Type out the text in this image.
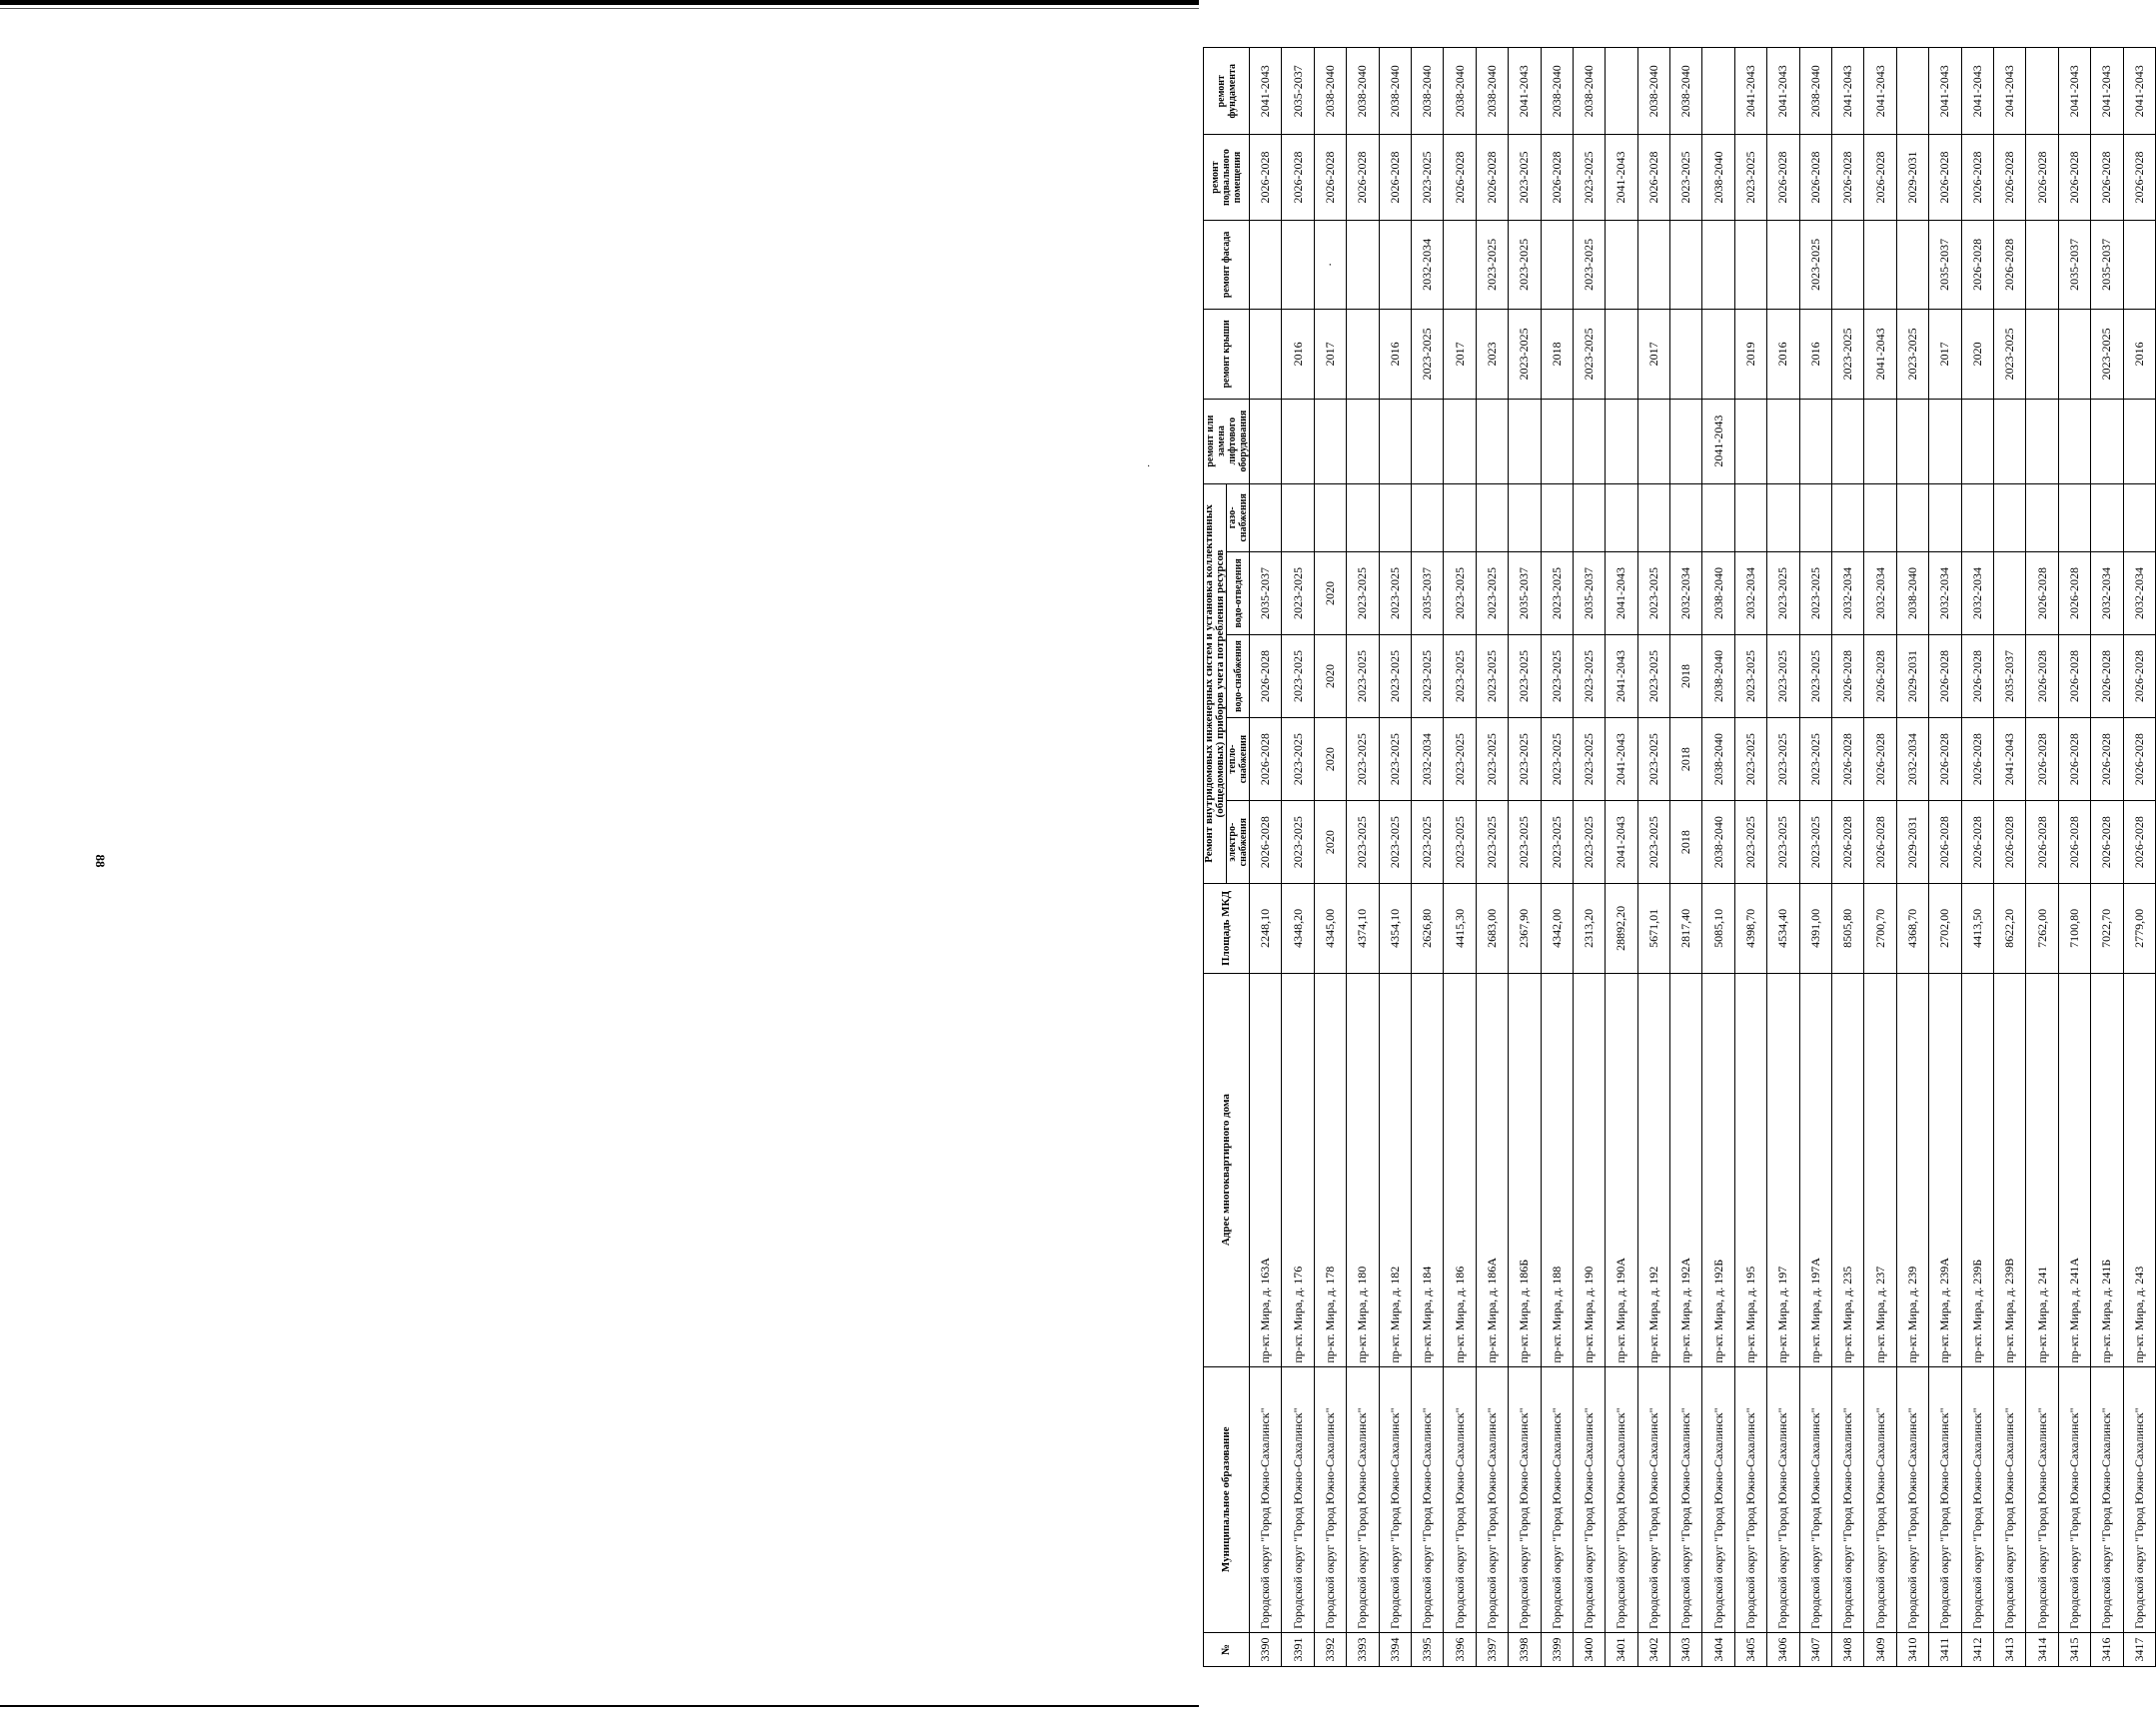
88
·
№	Муниципальное образование	Адрес многоквартирного дома	Площадь МКД	Ремонт внутридомовых инженерных систем и установка коллективных (общедомовых) приборов учета потребления ресурсов					ремонт или замена лифтового оборудования	ремонт крыши	ремонт фасада	ремонт подвального помещения	ремонт фундамента
				электро-снабжения	тепло-снабжения	водо-снабжения	водо-отведения	газо-снабжения					
3390	Городской округ "Город Южно-Сахалинск"	пр-кт. Мира, д. 163А	2248,10	2026-2028	2026-2028	2026-2028	2035-2037					2026-2028	2041-2043
3391	Городской округ "Город Южно-Сахалинск"	пр-кт. Мира, д. 176	4348,20	2023-2025	2023-2025	2023-2025	2023-2025			2016		2026-2028	2035-2037
3392	Городской округ "Город Южно-Сахалинск"	пр-кт. Мира, д. 178	4345,00	2020	2020	2020	2020			2017	·	2026-2028	2038-2040
3393	Городской округ "Город Южно-Сахалинск"	пр-кт. Мира, д. 180	4374,10	2023-2025	2023-2025	2023-2025	2023-2025					2026-2028	2038-2040
3394	Городской округ "Город Южно-Сахалинск"	пр-кт. Мира, д. 182	4354,10	2023-2025	2023-2025	2023-2025	2023-2025			2016		2026-2028	2038-2040
3395	Городской округ "Город Южно-Сахалинск"	пр-кт. Мира, д. 184	2626,80	2023-2025	2032-2034	2023-2025	2035-2037			2023-2025	2032-2034	2023-2025	2038-2040
3396	Городской округ "Город Южно-Сахалинск"	пр-кт. Мира, д. 186	4415,30	2023-2025	2023-2025	2023-2025	2023-2025			2017		2026-2028	2038-2040
3397	Городской округ "Город Южно-Сахалинск"	пр-кт. Мира, д. 186А	2683,00	2023-2025	2023-2025	2023-2025	2023-2025			2023	2023-2025	2026-2028	2038-2040
3398	Городской округ "Город Южно-Сахалинск"	пр-кт. Мира, д. 186Б	2367,90	2023-2025	2023-2025	2023-2025	2035-2037			2023-2025	2023-2025	2023-2025	2041-2043
3399	Городской округ "Город Южно-Сахалинск"	пр-кт. Мира, д. 188	4342,00	2023-2025	2023-2025	2023-2025	2023-2025			2018		2026-2028	2038-2040
3400	Городской округ "Город Южно-Сахалинск"	пр-кт. Мира, д. 190	2313,20	2023-2025	2023-2025	2023-2025	2035-2037			2023-2025	2023-2025	2023-2025	2038-2040
3401	Городской округ "Город Южно-Сахалинск"	пр-кт. Мира, д. 190А	28892,20	2041-2043	2041-2043	2041-2043	2041-2043					2041-2043	
3402	Городской округ "Город Южно-Сахалинск"	пр-кт. Мира, д. 192	5671,01	2023-2025	2023-2025	2023-2025	2023-2025			2017		2026-2028	2038-2040
3403	Городской округ "Город Южно-Сахалинск"	пр-кт. Мира, д. 192А	2817,40	2018	2018	2018	2032-2034					2023-2025	2038-2040
3404	Городской округ "Город Южно-Сахалинск"	пр-кт. Мира, д. 192Б	5085,10	2038-2040	2038-2040	2038-2040	2038-2040		2041-2043			2038-2040	
3405	Городской округ "Город Южно-Сахалинск"	пр-кт. Мира, д. 195	4398,70	2023-2025	2023-2025	2023-2025	2032-2034			2019		2023-2025	2041-2043
3406	Городской округ "Город Южно-Сахалинск"	пр-кт. Мира, д. 197	4534,40	2023-2025	2023-2025	2023-2025	2023-2025			2016		2026-2028	2041-2043
3407	Городской округ "Город Южно-Сахалинск"	пр-кт. Мира, д. 197А	4391,00	2023-2025	2023-2025	2023-2025	2023-2025			2016	2023-2025	2026-2028	2038-2040
3408	Городской округ "Город Южно-Сахалинск"	пр-кт. Мира, д. 235	8505,80	2026-2028	2026-2028	2026-2028	2032-2034			2023-2025		2026-2028	2041-2043
3409	Городской округ "Город Южно-Сахалинск"	пр-кт. Мира, д. 237	2700,70	2026-2028	2026-2028	2026-2028	2032-2034			2041-2043		2026-2028	2041-2043
3410	Городской округ "Город Южно-Сахалинск"	пр-кт. Мира, д. 239	4368,70	2029-2031	2032-2034	2029-2031	2038-2040			2023-2025		2029-2031	
3411	Городской округ "Город Южно-Сахалинск"	пр-кт. Мира, д. 239А	2702,00	2026-2028	2026-2028	2026-2028	2032-2034			2017	2035-2037	2026-2028	2041-2043
3412	Городской округ "Город Южно-Сахалинск"	пр-кт. Мира, д. 239Б	4413,50	2026-2028	2026-2028	2026-2028	2032-2034			2020	2026-2028	2026-2028	2041-2043
3413	Городской округ "Город Южно-Сахалинск"	пр-кт. Мира, д. 239В	8622,20	2026-2028	2041-2043	2035-2037				2023-2025	2026-2028	2026-2028	2041-2043
3414	Городской округ "Город Южно-Сахалинск"	пр-кт. Мира, д. 241	7262,00	2026-2028	2026-2028	2026-2028	2026-2028					2026-2028	
3415	Городской округ "Город Южно-Сахалинск"	пр-кт. Мира, д. 241А	7100,80	2026-2028	2026-2028	2026-2028	2026-2028				2035-2037	2026-2028	2041-2043
3416	Городской округ "Город Южно-Сахалинск"	пр-кт. Мира, д. 241Б	7022,70	2026-2028	2026-2028	2026-2028	2032-2034			2023-2025	2035-2037	2026-2028	2041-2043
3417	Городской округ "Город Южно-Сахалинск"	пр-кт. Мира, д. 243	2779,00	2026-2028	2026-2028	2026-2028	2032-2034			2016		2026-2028	2041-2043
